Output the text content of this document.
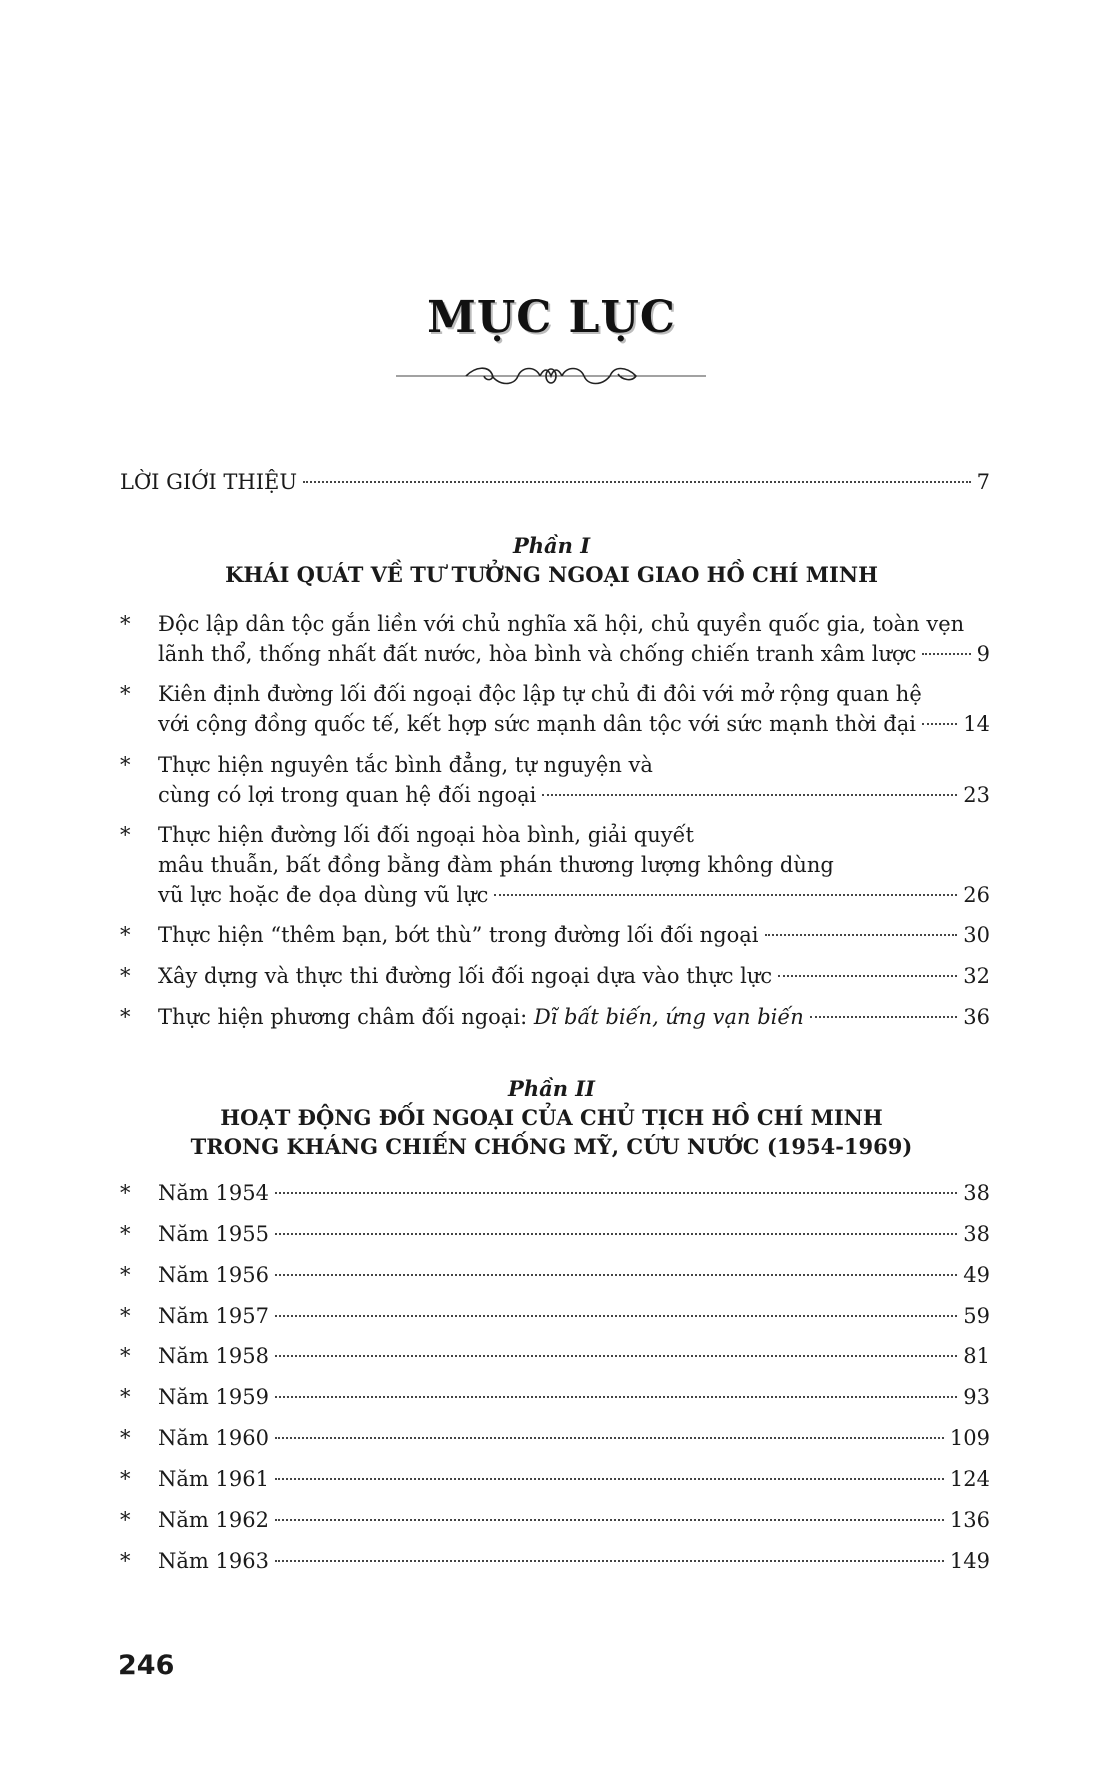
MỤC LỤC
LỜI GIỚI THIỆU	7
Phần I
KHÁI QUÁT VỀ TƯ TƯỞNG NGOẠI GIAO HỒ CHÍ MINH
* Độc lập dân tộc gắn liền với chủ nghĩa xã hội, chủ quyền quốc gia, toàn vẹn
lãnh thổ, thống nhất đất nước, hòa bình và chống chiến tranh xâm lược	9
* Kiên định đường lối đối ngoại độc lập tự chủ đi đôi với mở rộng quan hệ
với cộng đồng quốc tế, kết hợp sức mạnh dân tộc với sức mạnh thời đại 14
* Thực hiện nguyên tắc bình đẳng, tự nguyện và
cùng có lợi trong quan hệ đối ngoại	23
* Thực hiện đường lối đối ngoại hòa bình, giải quyết
mâu thuẫn, bất đồng bằng đàm phán thương lượng không dùng
vũ lực hoặc đe dọa dùng vũ lực	26
* Thực hiện “thêm bạn, bớt thù” trong đường lối đối ngoại	30
* Xây dựng và thực thi đường lối đối ngoại dựa vào thực lực	32
* Thực hiện phương châm đối ngoại: Dĩ bất biến, ứng vạn biến	36
Phần II
HOẠT ĐỘNG ĐỐI NGOẠI CỦA CHỦ TỊCH HỒ CHÍ MINH
TRONG KHÁNG CHIẾN CHỐNG MỸ, CỨU NƯỚC (1954-1969)
* Năm 1954	38
* Năm 1955	38
* Năm 1956	49
* Năm 1957	59
* Năm 1958	81
* Năm 1959	93
* Năm 1960	109
* Năm 1961	124
* Năm 1962	136
* Năm 1963	149
246
